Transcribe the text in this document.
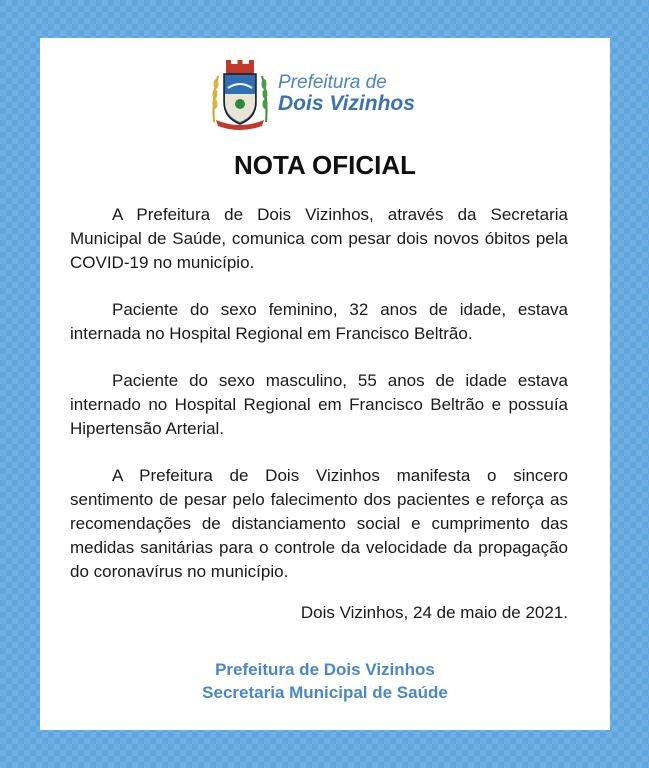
Prefeitura de
Dois Vizinhos
NOTA OFICIAL

A Prefeitura de Dois Vizinhos, através da Secretaria Municipal de Saúde, comunica com pesar dois novos óbitos pela COVID-19 no município.

Paciente do sexo feminino, 32 anos de idade, estava internada no Hospital Regional em Francisco Beltrão.

Paciente do sexo masculino, 55 anos de idade estava internado no Hospital Regional em Francisco Beltrão e possuía Hipertensão Arterial.

A Prefeitura de Dois Vizinhos manifesta o sincero sentimento de pesar pelo falecimento dos pacientes e reforça as recomendações de distanciamento social e cumprimento das medidas sanitárias para o controle da velocidade da propagação do coronavírus no município.

Dois Vizinhos, 24 de maio de 2021.
Prefeitura de Dois Vizinhos
Secretaria Municipal de Saúde
